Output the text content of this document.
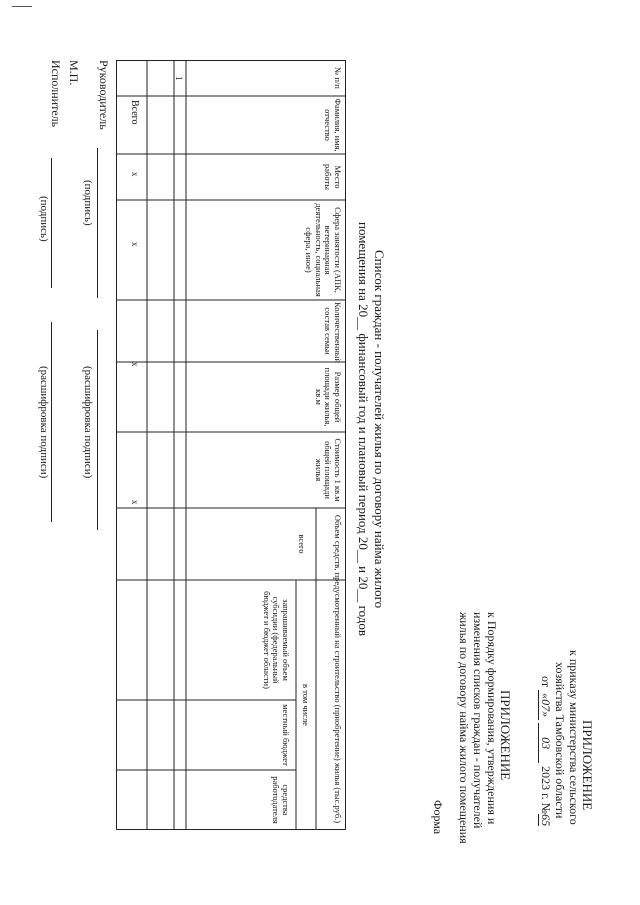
ПРИЛОЖЕНИЕ
к приказу министерства сельского
хозяйства Тамбовской области
от «07» 03 2023 г. №65
ПРИЛОЖЕНИЕ
к Порядку формирования, утверждения и
изменения списков граждан - получателей
жилья по договору найма жилого помещения
Форма
Список граждан - получателей жилья по договору найма жилого
помещения на 20__ финансовый год и плановый период 20__ и 20__ годов
№ п/п
Фамилия, имя, отчество
Место работы
Сфера занятости (АПК, ветеринарная деятельность, социальная сфера, иное)
Количественный состав семьи
Размер общей площади жилья, кв.м
Стоимость 1 кв.м общей площади жилья
Объем средств, предусмотренный на строительство (приобретение) жилья (тыс.руб.)
всего
в том числе
запрашиваемый объем субсидии (федеральный бюджет и бюджет области)
местный бюджет
средства работодателя
1
Всего
x
x
x
x
Руководитель
(подпись)
(расшифровка подписи)
М.П.
Исполнитель
(подпись)
(расшифровка подписи)
